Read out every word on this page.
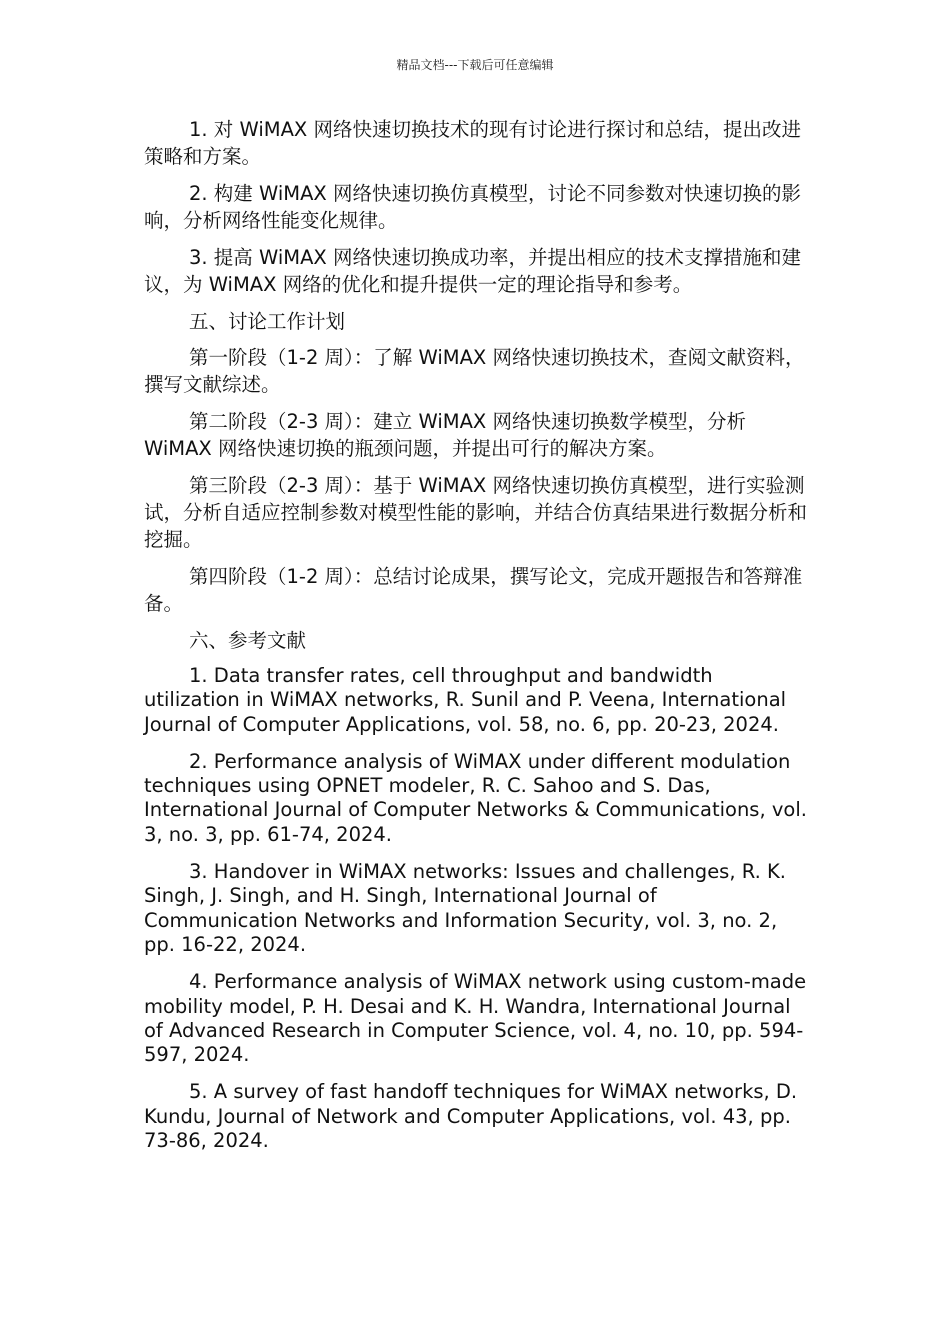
精品文档---下载后可任意编辑

1. 对 WiMAX 网络快速切换技术的现有讨论进行探讨和总结，提出改进策略和方案。

2. 构建 WiMAX 网络快速切换仿真模型，讨论不同参数对快速切换的影响，分析网络性能变化规律。

3. 提高 WiMAX 网络快速切换成功率，并提出相应的技术支撑措施和建议，为 WiMAX 网络的优化和提升提供一定的理论指导和参考。

五、讨论工作计划

第一阶段（1-2 周）：了解 WiMAX 网络快速切换技术，查阅文献资料，撰写文献综述。

第二阶段（2-3 周）：建立 WiMAX 网络快速切换数学模型，分析 WiMAX 网络快速切换的瓶颈问题，并提出可行的解决方案。

第三阶段（2-3 周）：基于 WiMAX 网络快速切换仿真模型，进行实验测试，分析自适应控制参数对模型性能的影响，并结合仿真结果进行数据分析和挖掘。

第四阶段（1-2 周）：总结讨论成果，撰写论文，完成开题报告和答辩准备。

六、参考文献

1. Data transfer rates, cell throughput and bandwidth utilization in WiMAX networks, R. Sunil and P. Veena, International Journal of Computer Applications, vol. 58, no. 6, pp. 20-23, 2024.

2. Performance analysis of WiMAX under different modulation techniques using OPNET modeler, R. C. Sahoo and S. Das, International Journal of Computer Networks & Communications, vol. 3, no. 3, pp. 61-74, 2024.

3. Handover in WiMAX networks: Issues and challenges, R. K. Singh, J. Singh, and H. Singh, International Journal of Communication Networks and Information Security, vol. 3, no. 2, pp. 16-22, 2024.

4. Performance analysis of WiMAX network using custom-made mobility model, P. H. Desai and K. H. Wandra, International Journal of Advanced Research in Computer Science, vol. 4, no. 10, pp. 594-597, 2024.

5. A survey of fast handoff techniques for WiMAX networks, D. Kundu, Journal of Network and Computer Applications, vol. 43, pp. 73-86, 2024.
